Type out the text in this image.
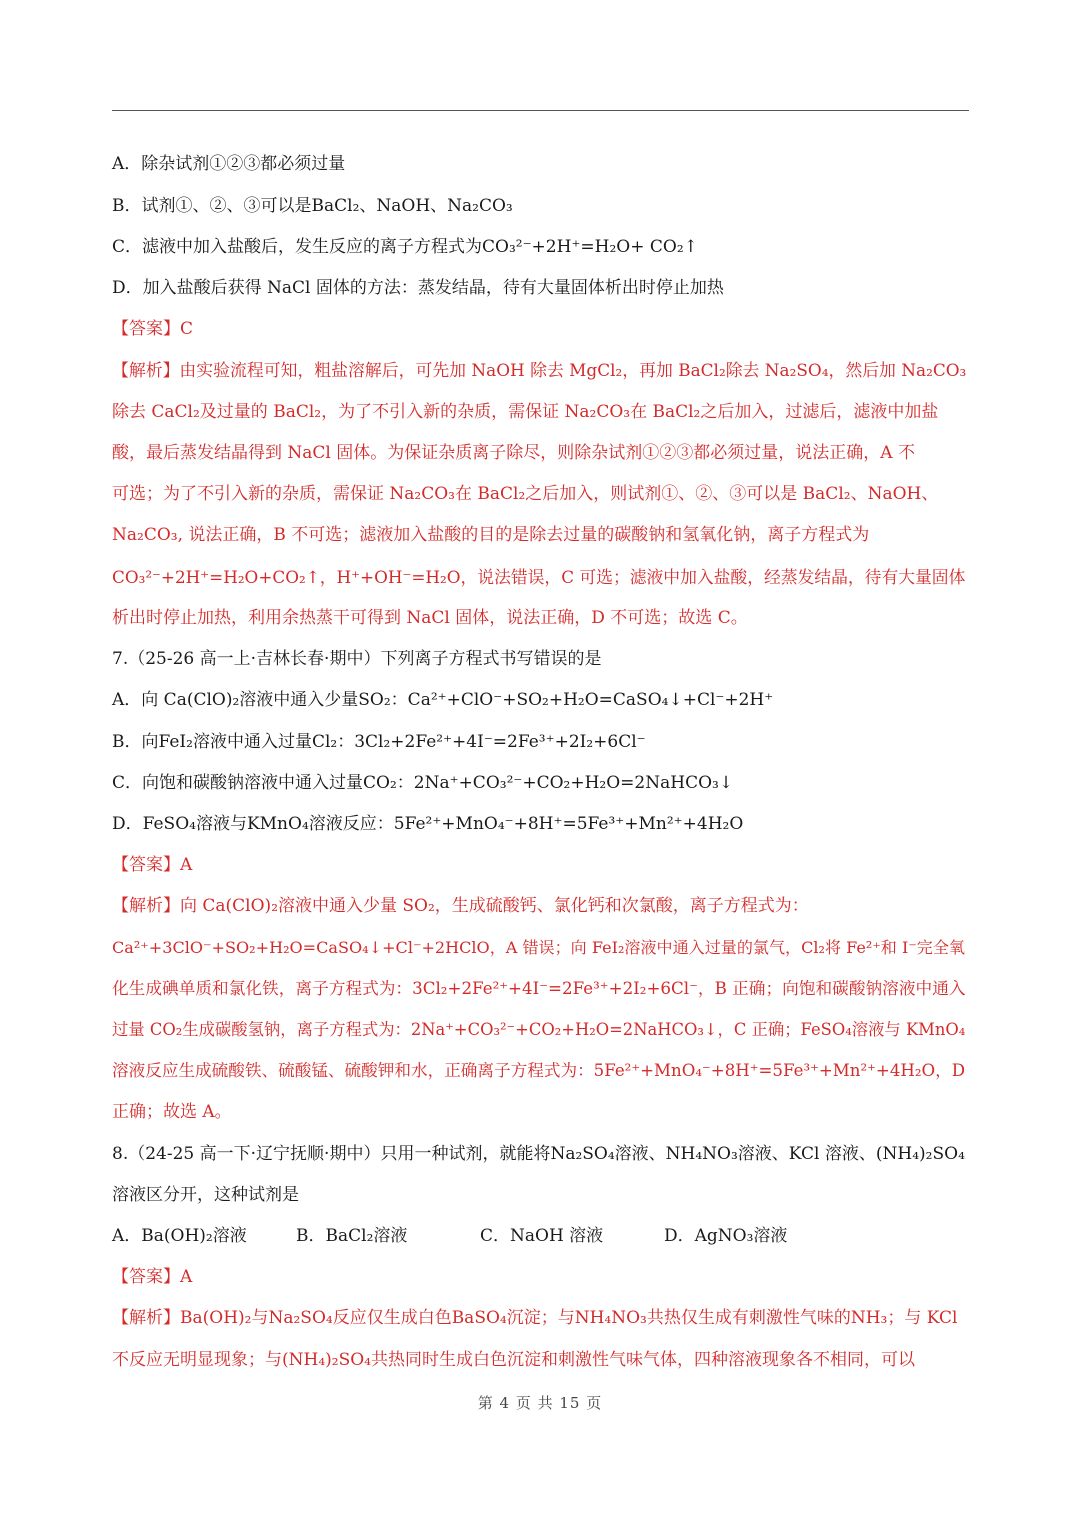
A．除杂试剂①②③都必须过量
B．试剂①、②、③可以是BaCl₂、NaOH、Na₂CO₃
C．滤液中加入盐酸后，发生反应的离子方程式为CO₃²⁻+2H⁺=H₂O+ CO₂↑
D．加入盐酸后获得 NaCl 固体的方法：蒸发结晶，待有大量固体析出时停止加热
【答案】C
【解析】由实验流程可知，粗盐溶解后，可先加 NaOH 除去 MgCl₂，再加 BaCl₂除去 Na₂SO₄，然后加 Na₂CO₃
除去 CaCl₂及过量的 BaCl₂，为了不引入新的杂质，需保证 Na₂CO₃在 BaCl₂之后加入，过滤后，滤液中加盐
酸，最后蒸发结晶得到 NaCl 固体。为保证杂质离子除尽，则除杂试剂①②③都必须过量，说法正确，A 不
可选；为了不引入新的杂质，需保证 Na₂CO₃在 BaCl₂之后加入，则试剂①、②、③可以是 BaCl₂、NaOH、
Na₂CO₃, 说法正确，B 不可选；滤液加入盐酸的目的是除去过量的碳酸钠和氢氧化钠，离子方程式为
CO₃²⁻+2H⁺=H₂O+CO₂↑，H⁺+OH⁻=H₂O，说法错误，C 可选；滤液中加入盐酸，经蒸发结晶，待有大量固体
析出时停止加热，利用余热蒸干可得到 NaCl 固体，说法正确，D 不可选；故选 C。
7.（25-26 高一上·吉林长春·期中）下列离子方程式书写错误的是
A．向 Ca(ClO)₂溶液中通入少量SO₂：Ca²⁺+ClO⁻+SO₂+H₂O=CaSO₄↓+Cl⁻+2H⁺
B．向FeI₂溶液中通入过量Cl₂：3Cl₂+2Fe²⁺+4I⁻=2Fe³⁺+2I₂+6Cl⁻
C．向饱和碳酸钠溶液中通入过量CO₂：2Na⁺+CO₃²⁻+CO₂+H₂O=2NaHCO₃↓
D．FeSO₄溶液与KMnO₄溶液反应：5Fe²⁺+MnO₄⁻+8H⁺=5Fe³⁺+Mn²⁺+4H₂O
【答案】A
【解析】向 Ca(ClO)₂溶液中通入少量 SO₂，生成硫酸钙、氯化钙和次氯酸，离子方程式为：
Ca²⁺+3ClO⁻+SO₂+H₂O=CaSO₄↓+Cl⁻+2HClO，A 错误；向 FeI₂溶液中通入过量的氯气，Cl₂将 Fe²⁺和 I⁻完全氧
化生成碘单质和氯化铁，离子方程式为：3Cl₂+2Fe²⁺+4I⁻=2Fe³⁺+2I₂+6Cl⁻，B 正确；向饱和碳酸钠溶液中通入
过量 CO₂生成碳酸氢钠，离子方程式为：2Na⁺+CO₃²⁻+CO₂+H₂O=2NaHCO₃↓，C 正确；FeSO₄溶液与 KMnO₄
溶液反应生成硫酸铁、硫酸锰、硫酸钾和水，正确离子方程式为：5Fe²⁺+MnO₄⁻+8H⁺=5Fe³⁺+Mn²⁺+4H₂O，D
正确；故选 A。
8.（24-25 高一下·辽宁抚顺·期中）只用一种试剂，就能将Na₂SO₄溶液、NH₄NO₃溶液、KCl 溶液、(NH₄)₂SO₄
溶液区分开，这种试剂是
A．Ba(OH)₂溶液	B．BaCl₂溶液	C．NaOH 溶液	D．AgNO₃溶液
【答案】A
【解析】Ba(OH)₂与Na₂SO₄反应仅生成白色BaSO₄沉淀；与NH₄NO₃共热仅生成有刺激性气味的NH₃；与 KCl
不反应无明显现象；与(NH₄)₂SO₄共热同时生成白色沉淀和刺激性气味气体，四种溶液现象各不相同，可以
第 4 页 共 15 页
